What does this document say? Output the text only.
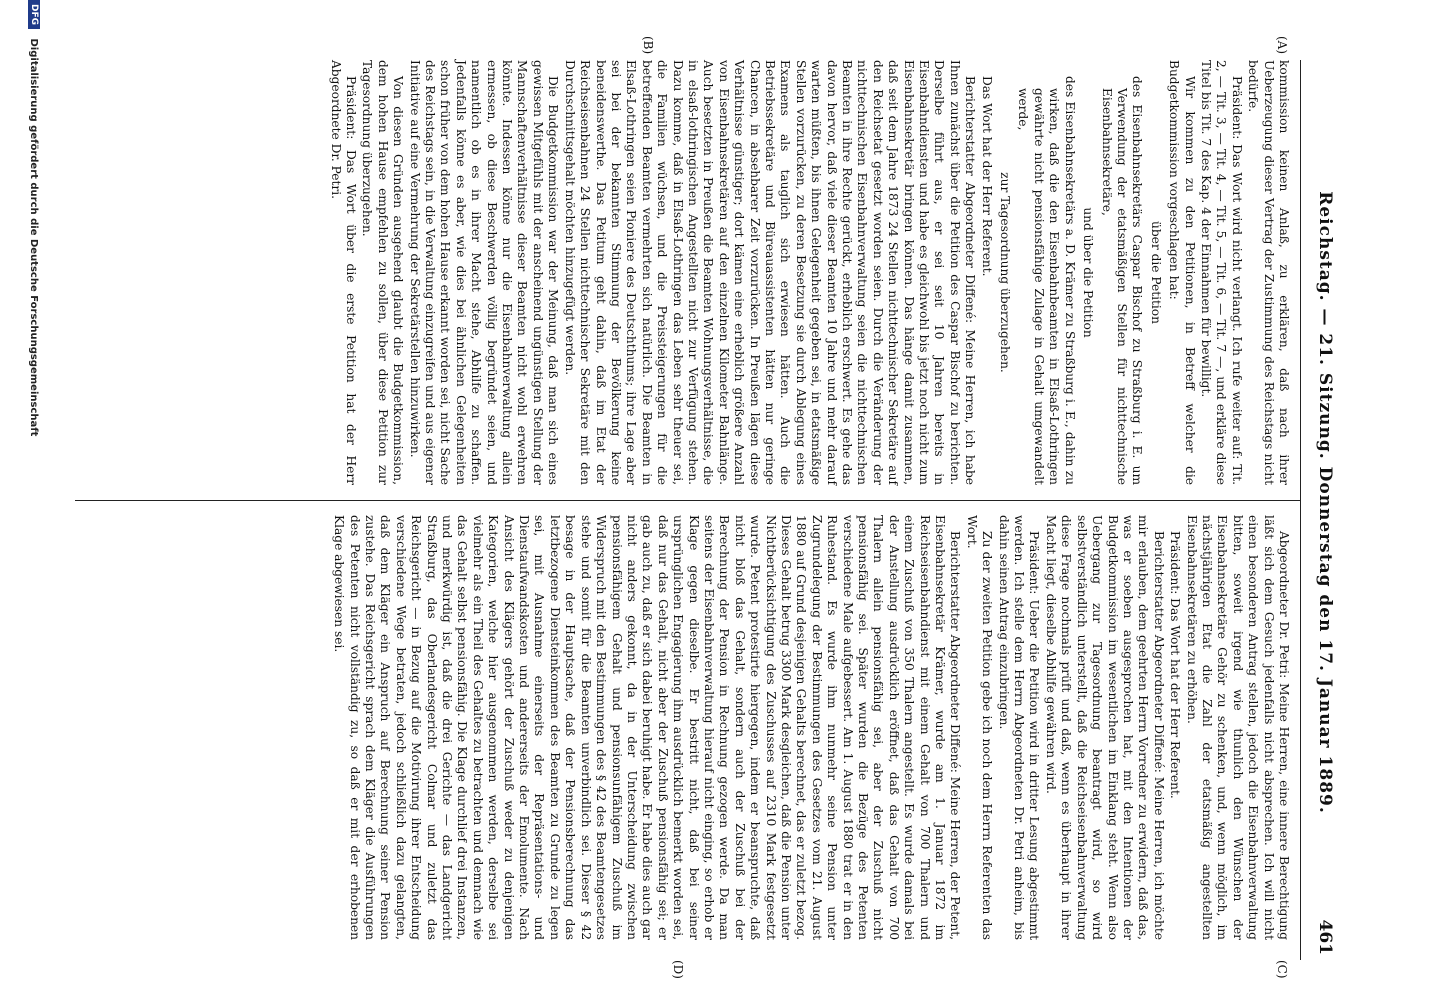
Reichstag. — 21. Sitzung. Donnerstag den 17. Januar 1889.
461
(A)
(B)
(C)
(D)

kommission keinen Anlaß, zu erklären, daß nach ihrer Ueberzeugung dieser Vertrag der Zustimmung des Reichstags nicht bedürfe.

Präsident: Das Wort wird nicht verlangt. Ich rufe weiter auf: Tit. 2, — Tit. 3, — Tit. 4, — Tit. 5, — Tit. 6, — Tit. 7 —, und erkläre diese Titel bis Tit. 7 des Kap. 4 der Einnahmen für bewilligt.

Wir kommen zu den Petitionen, in Betreff welcher die Budgetkommission vorgeschlagen hat:

über die Petition

des Eisenbahnsekretärs Caspar Bischof zu Straßburg i. E. um Verwendung der etatsmäßigen Stellen für nichttechnische Eisenbahnsekretäre,

und über die Petition

des Eisenbahnsekretärs a. D. Krämer zu Straßburg i. E., dahin zu wirken, daß die den Eisenbahnbeamten in Elsaß-Lothringen gewährte nicht pensionsfähige Zulage in Gehalt umgewandelt werde,

zur Tagesordnung überzugehen.

Das Wort hat der Herr Referent.

Berichterstatter Abgeordneter Diffené: Meine Herren, ich habe Ihnen zunächst über die Petition des Caspar Bischof zu berichten. Derselbe führt aus, er sei seit 10 Jahren bereits in Eisenbahndiensten und habe es gleichwohl bis jetzt noch nicht zum Eisenbahnsekretär bringen können. Das hänge damit zusammen, daß seit dem Jahre 1873 24 Stellen nichttechnischer Sekretäre auf den Reichsetat gesetzt worden seien. Durch die Veränderung der nichttechnischen Eisenbahnverwaltung seien die nichttechnischen Beamten in ihre Rechte gerückt, erheblich erschwert. Es gehe das davon hervor, daß viele dieser Beamten 10 Jahre und mehr darauf warten müßten, bis ihnen Gelegenheit gegeben sei, in etatsmäßige Stellen vorzurücken, zu deren Besetzung sie durch Ablegung eines Examens als tauglich sich erwiesen hätten. Auch die Betriebssekretäre und Büreauassistenten hätten nur geringe Chancen, in absehbarer Zeit vorzurücken. In Preußen lägen diese Verhältnisse günstiger; dort kämen eine erheblich größere Anzahl von Eisenbahnsekretären auf den einzelnen Kilometer Bahnlänge. Auch besetzten in Preußen die Beamten Wohnungsverhältnisse, die in elsaß-lothringischen Angestellten nicht zur Verfügung stehen. Dazu komme, daß in Elsaß-Lothringen das Leben sehr theuer sei, die Familien wüchsen, und die Preissteigerungen für die betreffenden Beamten vermehrten sich natürlich. Die Beamten in Elsaß-Lothringen seien Pioniere des Deutschthums; ihre Lage aber sei bei der bekannten Stimmung der Bevölkerung keine beneidenswerthe. Das Petitum geht dahin, daß im Etat der Reichseisenbahnen 24 Stellen nichttechnischer Sekretäre mit den Durchschnittsgehalt möchten hinzugefügt werden.

Die Budgetkommission war der Meinung, daß man sich eines gewissen Mitgefühls mit der anscheinend ungünstigen Stellung der Mannschaftenverhältnisse dieser Beamten nicht wohl erwehren könnte. Indessen könne nur die Eisenbahnverwaltung allein ermessen, ob diese Beschwerden völlig begründet seien, und namentlich ob es in ihrer Macht stehe, Abhilfe zu schaffen. Jedenfalls könne es aber, wie dies bei ähnlichen Gelegenheiten schon früher von dem hohen Hause erkannt worden sei, nicht Sache des Reichstags sein, in die Verwaltung einzugreifen und aus eigener Initiative auf eine Vermehrung der Sekretärstellen hinzuwirken.

Von diesen Gründen ausgehend glaubt die Budgetkommission, dem hohen Hause empfehlen zu sollen, über diese Petition zur Tagesordnung überzugehen.

Präsident: Das Wort über die erste Petition hat der Herr Abgeordnete Dr. Petri.

Abgeordneter Dr. Petri: Meine Herren, eine innere Berechtigung läßt sich dem Gesuch jedenfalls nicht absprechen. Ich will nicht einen besonderen Antrag stellen, jedoch die Eisenbahnverwaltung bitten, soweit irgend wie thunlich den Wünschen der Eisenbahnsekretäre Gehör zu schenken, und, wenn möglich, im nächstjährigen Etat die Zahl der etatsmäßig angestellten Eisenbahnsekretären zu erhöhen.

Präsident: Das Wort hat der Herr Referent.

Berichterstatter Abgeordneter Diffené: Meine Herren, ich möchte mir erlauben, dem geehrten Herrn Vorredner zu erwidern, daß das, was er soeben ausgesprochen hat, mit den Intentionen der Budgetkommission im wesentlichen im Einklang steht. Wenn also Uebergang zur Tagesordnung beantragt wird, so wird selbstverständlich unterstellt, daß die Reichseisenbahnverwaltung diese Frage nochmals prüft und daß, wenn es überhaupt in ihrer Macht liegt, dieselbe Abhilfe gewähren wird.

Präsident: Ueber die Petition wird in dritter Lesung abgestimmt werden. Ich stelle dem Herrn Abgeordneten Dr. Petri anheim, bis dahin seinen Antrag einzubringen.

Zu der zweiten Petition gebe ich noch dem Herrn Referenten das Wort.

Berichterstatter Abgeordneter Diffené: Meine Herren, der Petent, Eisenbahnsekretär Krämer, wurde am 1. Januar 1872 im Reichseisenbahndienst mit einem Gehalt von 700 Thalern und einem Zuschuß von 350 Thalern angestellt. Es wurde damals bei der Anstellung ausdrücklich eröffnet, daß das Gehalt von 700 Thalern allein pensionsfähig sei, aber der Zuschuß nicht pensionsfähig sei. Später wurden die Bezüge des Petenten verschiedene Male aufgebessert. Am 1. August 1880 trat er in den Ruhestand. Es wurde ihm nunmehr seine Pension unter Zugrundelegung der Bestimmungen des Gesetzes vom 21. August 1880 auf Grund desjenigen Gehalts berechnet, das er zuletzt bezog. Dieses Gehalt betrug 3300 Mark desgleichen, daß die Pension unter Nichtberücksichtigung des Zuschusses auf 2310 Mark festgesetzt wurde. Petent protestirte hiergegen, indem er beanspruchte, daß nicht bloß das Gehalt, sondern auch der Zuschuß bei der Berechnung der Pension in Rechnung gezogen werde. Da man seitens der Eisenbahnverwaltung hierauf nicht einging, so erhob er Klage gegen dieselbe. Er bestritt nicht, daß bei seiner ursprünglichen Engagierung ihm ausdrücklich bemerkt worden sei, daß nur das Gehalt, nicht aber der Zuschuß pensionsfähig sei; er gab auch zu, daß er sich dabei beruhigt habe. Er habe dies auch gar nicht anders gekonnt, da in der Unterscheidung zwischen pensionsfähigem Gehalt und pensionsunfähigem Zuschuß im Widerspruch mit den Bestimmungen des § 42 des Beamtengesetzes stehe und somit für die Beamten unverbindlich sei. Dieser § 42 besage in der Hauptsache, daß der Pensionsberechnung das letztbezogene Diensteinkommen des Beamten zu Grunde zu legen sei, mit Ausnahme einerseits der Repräsentations- und Dienstaufwandskosten und andererseits der Emolumente. Nach Ansicht des Klägers gehört der Zuschuß weder zu denjenigen Kategorien, welche hier ausgenommen werden, derselbe sei vielmehr als ein Theil des Gehaltes zu betrachten und demnach wie das Gehalt selbst pensionsfähig. Die Klage durchlief drei Instanzen, und merkwürdig ist, daß die drei Gerichte — das Landgericht Straßburg, das Oberlandesgericht Colmar und zuletzt das Reichsgericht — in Bezug auf die Motivirung ihrer Entscheidung verschiedene Wege betraten, jedoch schließlich dazu gelangten, daß dem Kläger ein Anspruch auf Berechnung seiner Pension zustehe. Das Reichsgericht sprach dem Kläger die Ausführungen des Petenten nicht vollständig zu, so daß er mit der erhobenen Klage abgewiesen sei.

DFG Digitalisierung gefördert durch die Deutsche Forschungsgemeinschaft
